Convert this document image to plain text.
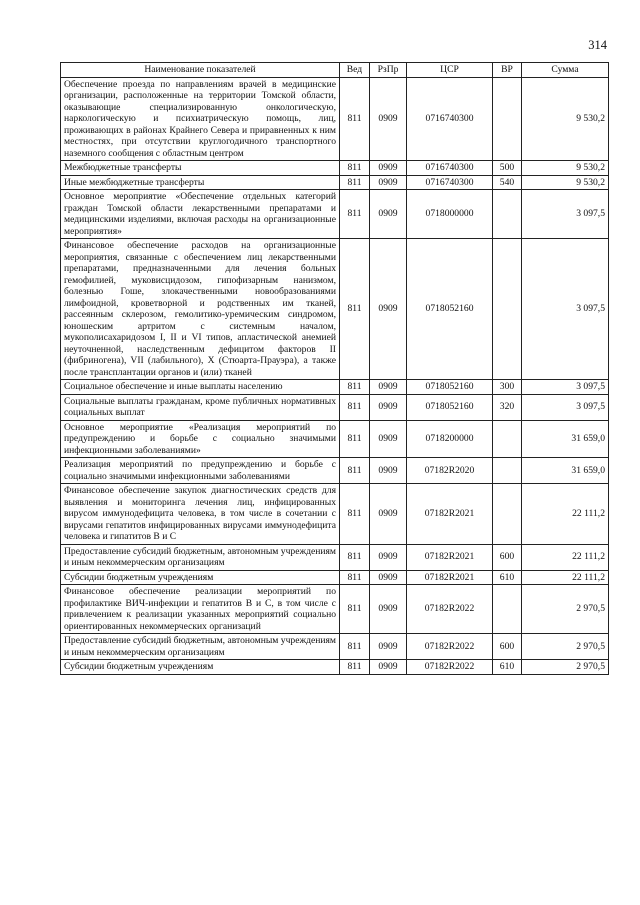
314
Наименование показателей	Вед	РзПр	ЦСР	ВР	Сумма
Обеспечение проезда по направлениям врачей в медицинские организации, расположенные на территории Томской области, оказывающие специализированную онкологическую, наркологическую и психиатрическую помощь, лиц, проживающих в районах Крайнего Севера и приравненных к ним местностях, при отсутствии круглогодичного транспортного наземного сообщения с областным центром	811	0909	0716740300		9 530,2
Межбюджетные трансферты	811	0909	0716740300	500	9 530,2
Иные межбюджетные трансферты	811	0909	0716740300	540	9 530,2
Основное мероприятие «Обеспечение отдельных категорий граждан Томской области лекарственными препаратами и медицинскими изделиями, включая расходы на организационные мероприятия»	811	0909	0718000000		3 097,5
Финансовое обеспечение расходов на организационные мероприятия, связанные с обеспечением лиц лекарственными препаратами, предназначенными для лечения больных гемофилией, муковисцидозом, гипофизарным нанизмом, болезнью Гоше, злокачественными новообразованиями лимфоидной, кроветворной и родственных им тканей, рассеянным склерозом, гемолитико-уремическим синдромом, юношеским артритом с системным началом, мукополисахаридозом I, II и VI типов, апластической анемией неуточненной, наследственным дефицитом факторов II (фибриногена), VII (лабильного), X (Стюарта-Прауэра), а также после трансплантации органов и (или) тканей	811	0909	0718052160		3 097,5
Социальное обеспечение и иные выплаты населению	811	0909	0718052160	300	3 097,5
Социальные выплаты гражданам, кроме публичных нормативных социальных выплат	811	0909	0718052160	320	3 097,5
Основное мероприятие «Реализация мероприятий по предупреждению и борьбе с социально значимыми инфекционными заболеваниями»	811	0909	0718200000		31 659,0
Реализация мероприятий по предупреждению и борьбе с социально значимыми инфекционными заболеваниями	811	0909	07182R2020		31 659,0
Финансовое обеспечение закупок диагностических средств для выявления и мониторинга лечения лиц, инфицированных вирусом иммунодефицита человека, в том числе в сочетании с вирусами гепатитов инфицированных вирусами иммунодефицита человека и гипатитов В и С	811	0909	07182R2021		22 111,2
Предоставление субсидий бюджетным, автономным учреждениям и иным некоммерческим организациям	811	0909	07182R2021	600	22 111,2
Субсидии бюджетным учреждениям	811	0909	07182R2021	610	22 111,2
Финансовое обеспечение реализации мероприятий по профилактике ВИЧ-инфекции и гепатитов В и С, в том числе с привлечением к реализации указанных мероприятий социально ориентированных некоммерческих организаций	811	0909	07182R2022		2 970,5
Предоставление субсидий бюджетным, автономным учреждениям и иным некоммерческим организациям	811	0909	07182R2022	600	2 970,5
Субсидии бюджетным учреждениям	811	0909	07182R2022	610	2 970,5
